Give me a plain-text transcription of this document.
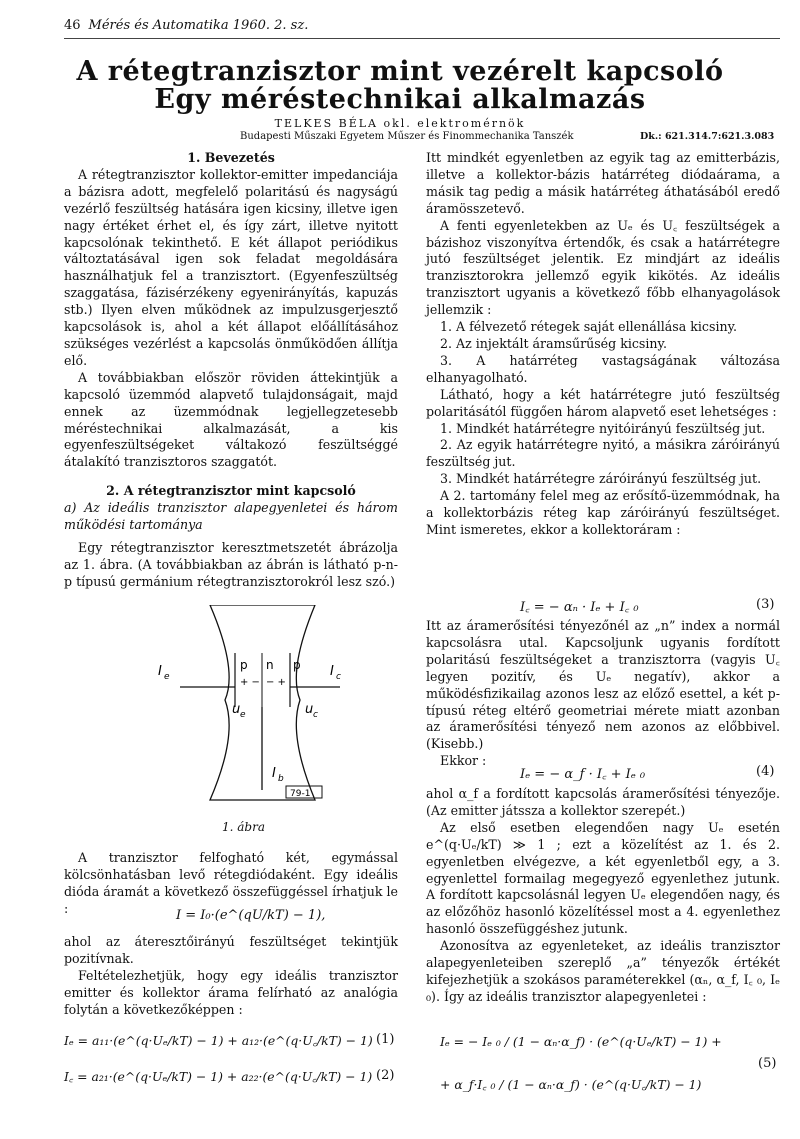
46 Mérés és Automatika 1960. 2. sz.
A rétegtranzisztor mint vezérelt kapcsoló
Egy méréstechnikai alkalmazás
TELKES BÉLA okl. elektromérnök
Budapesti Műszaki Egyetem Műszer és Finommechanika Tanszék	Dk.: 621.314.7:621.3.083

1. Bevezetés

A rétegtranzisztor kollektor-emitter impedanciája a bázisra adott, megfelelő polaritású és nagyságú vezérlő feszültség hatására igen kicsiny, illetve igen nagy értéket érhet el, és így zárt, illetve nyitott kapcsolónak tekinthető. E két állapot periódikus változtatásával igen sok feladat megoldására használhatjuk fel a tranzisztort. (Egyenfeszültség szaggatása, fázisérzékeny egyenirányítás, kapuzás stb.) Ilyen elven működnek az impulzusgerjesztő kapcsolások is, ahol a két állapot előállításához szükséges vezérlést a kapcsolás önműködően állítja elő.

A továbbiakban először röviden áttekintjük a kapcsoló üzemmód alapvető tulajdonságait, majd ennek az üzemmódnak legjellegzetesebb méréstechnikai alkalmazását, a kis egyenfeszültségeket váltakozó feszültséggé átalakító tranzisztoros szaggatót.

2. A rétegtranzisztor mint kapcsoló

a) Az ideális tranzisztor alapegyenletei és három működési tartománya

Egy rétegtranzisztor keresztmetszetét ábrázolja az 1. ábra. (A továbbiakban az ábrán is látható p-n-p típusú germánium rétegtranzisztorokról lesz szó.)

p n p
+ − − +
I e	I c
u e	u c
I b
79-1
1. ábra

A tranzisztor felfogható két, egymással kölcsönhatásban levő rétegdiódaként. Egy ideális dióda áramát a következő összefüggéssel írhatjuk le :	I = I₀·(e^(qU/kT) − 1),

ahol az áteresztőirányú feszültséget tekintjük pozitívnak.

Feltételezhetjük, hogy egy ideális tranzisztor emitter és kollektor árama felírható az analógia folytán a következőképpen :

Iₑ = a₁₁·(e^(q·Uₑ/kT) − 1) + a₁₂·(e^(q·U꜀/kT) − 1) (1)
I꜀ = a₂₁·(e^(q·Uₑ/kT) − 1) + a₂₂·(e^(q·U꜀/kT) − 1) (2)

Itt mindkét egyenletben az egyik tag az emitterbázis, illetve a kollektor-bázis határréteg diódaárama, a másik tag pedig a másik határréteg áthatásából eredő áramösszetevő.

A fenti egyenletekben az Uₑ és U꜀ feszültségek a bázishoz viszonyítva értendők, és csak a határrétegre jutó feszültséget jelentik. Ez mindjárt az ideális tranzisztorokra jellemző egyik kikötés. Az ideális tranzisztort ugyanis a következő főbb elhanyagolások jellemzik :

1. A félvezető rétegek saját ellenállása kicsiny.

2. Az injektált áramsűrűség kicsiny.

3. A határréteg vastagságának változása elhanyagolható.

Látható, hogy a két határrétegre jutó feszültség polaritásától függően három alapvető eset lehetséges :

1. Mindkét határrétegre nyitóirányú feszültség jut.

2. Az egyik határrétegre nyitó, a másikra záróirányú feszültség jut.

3. Mindkét határrétegre záróirányú feszültség jut.

A 2. tartomány felel meg az erősítő-üzemmódnak, ha a kollektorbázis réteg kap záróirányú feszültséget. Mint ismeretes, ekkor a kollektoráram :

I꜀ = − αₙ · Iₑ + I꜀ ₀	(3)

Itt az áramerősítési tényezőnél az „n” index a normál kapcsolásra utal. Kapcsoljunk ugyanis fordított polaritású feszültségeket a tranzisztorra (vagyis U꜀ legyen pozitív, és Uₑ negatív), akkor a működésfizikailag azonos lesz az előző esettel, a két p-típusú réteg eltérő geometriai mérete miatt azonban az áramerősítési tényező nem azonos az előbbivel. (Kisebb.)

Ekkor :

Iₑ = − α_f · I꜀ + Iₑ ₀	(4)

ahol α_f a fordított kapcsolás áramerősítési tényezője. (Az emitter játssza a kollektor szerepét.)

Az első esetben elegendően nagy Uₑ esetén e^(q·Uₑ/kT) ≫ 1 ; ezt a közelítést az 1. és 2. egyenletben elvégezve, a két egyenletből egy, a 3. egyenlettel formailag megegyező egyenlethez jutunk. A fordított kapcsolásnál legyen Uₑ elegendően nagy, és az előzőhöz hasonló közelítéssel most a 4. egyenlethez hasonló összefüggéshez jutunk.

Azonosítva az egyenleteket, az ideális tranzisztor alapegyenleteiben szereplő „a” tényezők értékét kifejezhetjük a szokásos paraméterekkel (αₙ, α_f, I꜀ ₀, Iₑ ₀). Így az ideális tranzisztor alapegyenletei :

Iₑ = − Iₑ ₀ / (1 − αₙ·α_f) · (e^(q·Uₑ/kT) − 1) +
+ α_f·I꜀ ₀ / (1 − αₙ·α_f) · (e^(q·U꜀/kT) − 1)
(5)
